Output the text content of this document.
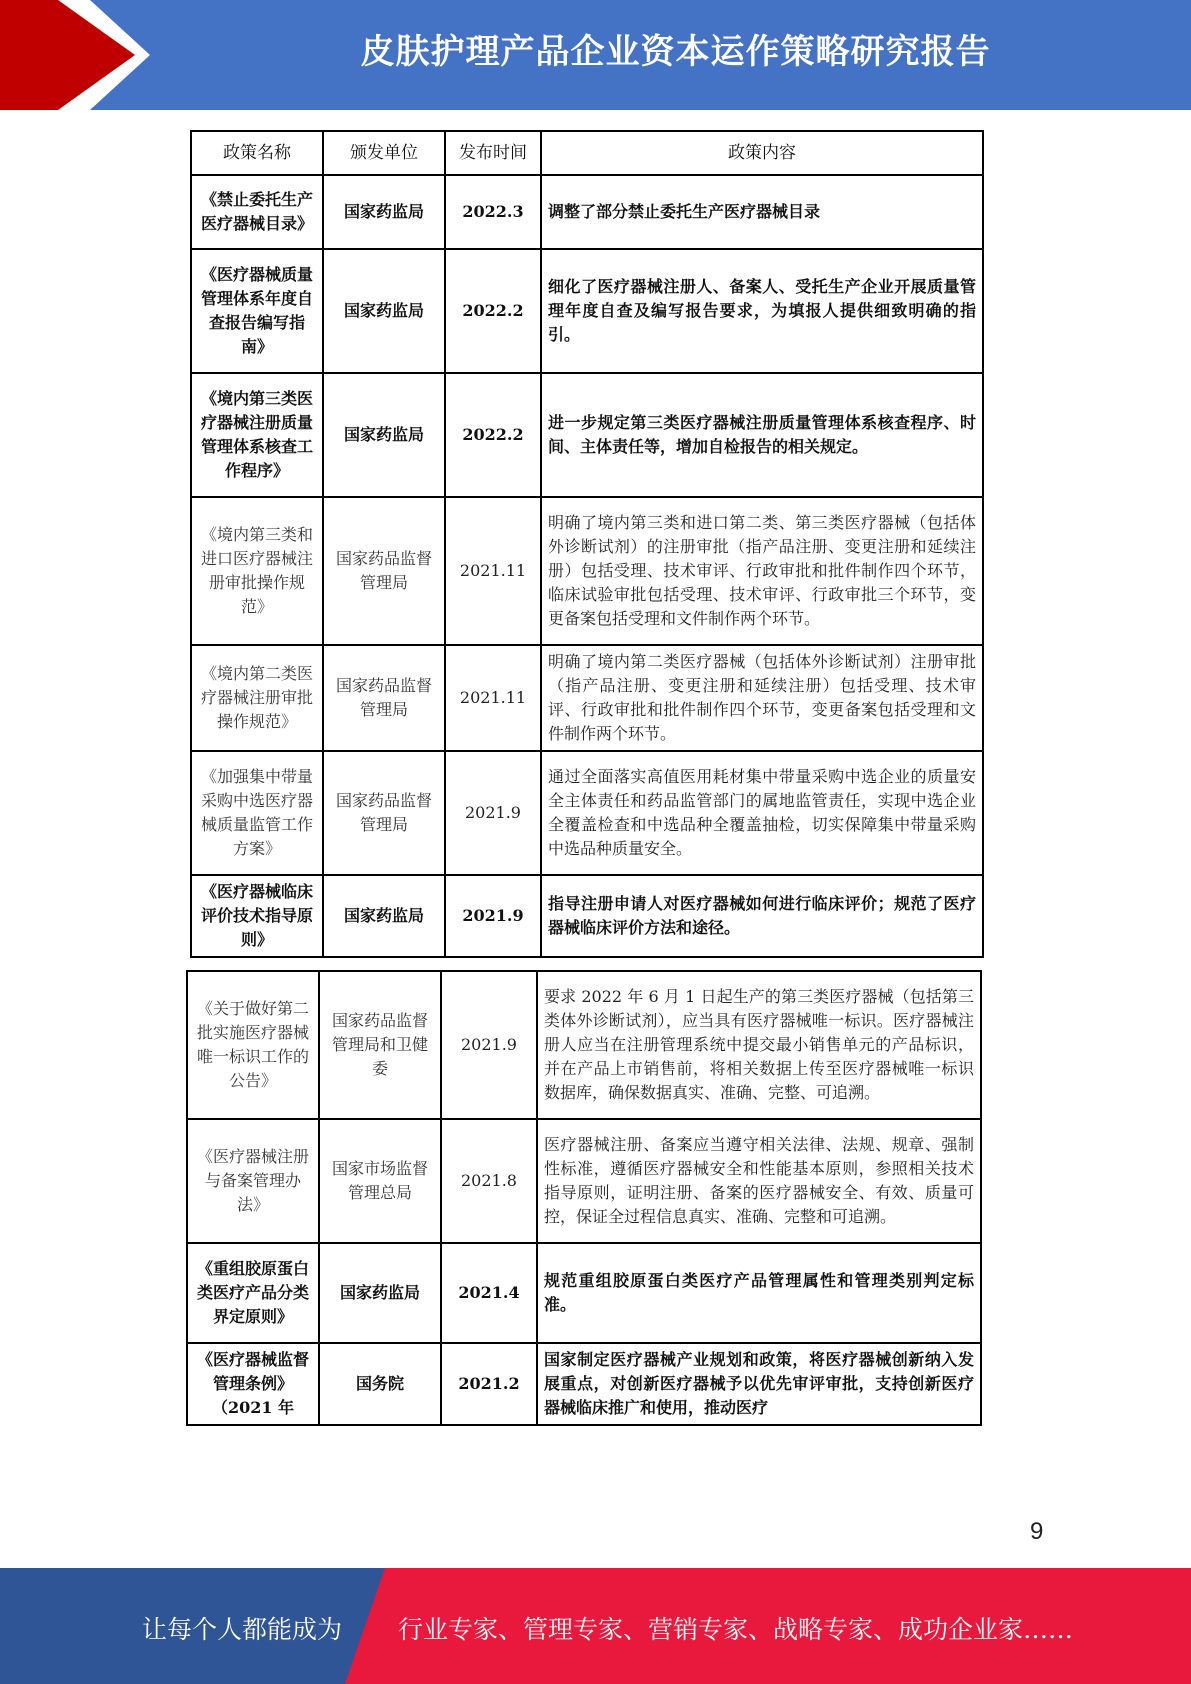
皮肤护理产品企业资本运作策略研究报告
政策名称	颁发单位	发布时间	政策内容
《禁止委托生产医疗器械目录》	国家药监局	2022.3	调整了部分禁止委托生产医疗器械目录
《医疗器械质量管理体系年度自查报告编写指南》	国家药监局	2022.2	细化了医疗器械注册人、备案人、受托生产企业开展质量管理年度自查及编写报告要求，为填报人提供细致明确的指引。
《境内第三类医疗器械注册质量管理体系核查工作程序》	国家药监局	2022.2	进一步规定第三类医疗器械注册质量管理体系核查程序、时间、主体责任等，增加自检报告的相关规定。
《境内第三类和进口医疗器械注册审批操作规范》	国家药品监督管理局	2021.11	明确了境内第三类和进口第二类、第三类医疗器械（包括体外诊断试剂）的注册审批（指产品注册、变更注册和延续注册）包括受理、技术审评、行政审批和批件制作四个环节，临床试验审批包括受理、技术审评、行政审批三个环节，变更备案包括受理和文件制作两个环节。
《境内第二类医疗器械注册审批操作规范》	国家药品监督管理局	2021.11	明确了境内第二类医疗器械（包括体外诊断试剂）注册审批（指产品注册、变更注册和延续注册）包括受理、技术审评、行政审批和批件制作四个环节，变更备案包括受理和文件制作两个环节。
《加强集中带量采购中选医疗器械质量监管工作方案》	国家药品监督管理局	2021.9	通过全面落实高值医用耗材集中带量采购中选企业的质量安全主体责任和药品监管部门的属地监管责任，实现中选企业全覆盖检查和中选品种全覆盖抽检，切实保障集中带量采购中选品种质量安全。
《医疗器械临床评价技术指导原则》	国家药监局	2021.9	指导注册申请人对医疗器械如何进行临床评价；规范了医疗器械临床评价方法和途径。
《关于做好第二批实施医疗器械唯一标识工作的公告》	国家药品监督管理局和卫健委	2021.9	要求 2022 年 6 月 1 日起生产的第三类医疗器械（包括第三类体外诊断试剂），应当具有医疗器械唯一标识。医疗器械注册人应当在注册管理系统中提交最小销售单元的产品标识，并在产品上市销售前，将相关数据上传至医疗器械唯一标识数据库，确保数据真实、准确、完整、可追溯。
《医疗器械注册与备案管理办法》	国家市场监督管理总局	2021.8	医疗器械注册、备案应当遵守相关法律、法规、规章、强制性标准，遵循医疗器械安全和性能基本原则，参照相关技术指导原则，证明注册、备案的医疗器械安全、有效、质量可控，保证全过程信息真实、准确、完整和可追溯。
《重组胶原蛋白类医疗产品分类界定原则》	国家药监局	2021.4	规范重组胶原蛋白类医疗产品管理属性和管理类别判定标准。
《医疗器械监督管理条例》（2021 年	国务院	2021.2	国家制定医疗器械产业规划和政策，将医疗器械创新纳入发展重点，对创新医疗器械予以优先审评审批，支持创新医疗器械临床推广和使用，推动医疗
9
让每个人都能成为 行业专家、管理专家、营销专家、战略专家、成功企业家……
